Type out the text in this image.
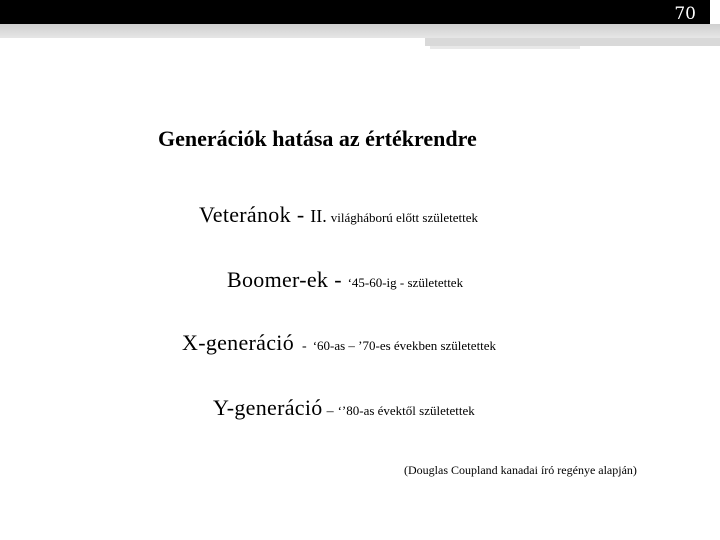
70
Generációk hatása az értékrendre
Veteránok - II. világháború előtt születettek
Boomer-ek - ‘45-60-ig - születettek
X-generáció - ‘60-as – ’70-es években születettek
Y-generáció – ‘’80-as évektől születettek
(Douglas Coupland kanadai író regénye alapján)
